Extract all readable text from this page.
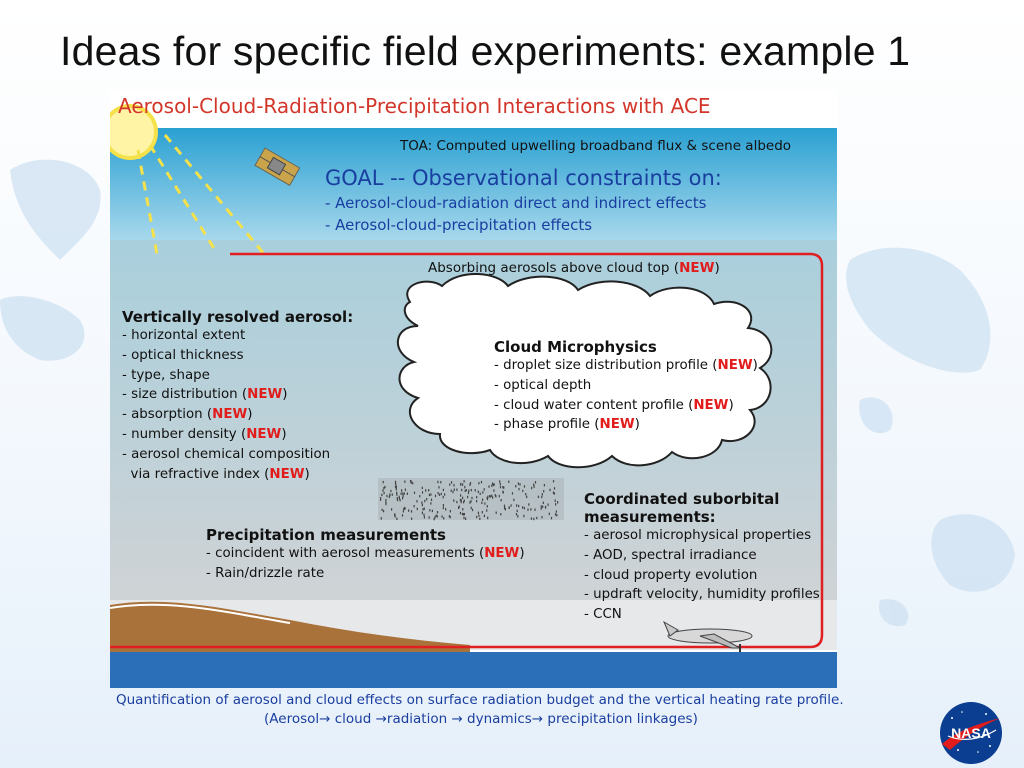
Ideas for specific field experiments: example 1
Aerosol-Cloud-Radiation-Precipitation Interactions with ACE
TOA: Computed upwelling broadband flux & scene albedo
GOAL -- Observational constraints on:
- Aerosol-cloud-radiation direct and indirect effects
- Aerosol-cloud-precipitation effects
Absorbing aerosols above cloud top (NEW)
Vertically resolved aerosol:
- horizontal extent
- optical thickness
- type, shape
- size distribution (NEW)
- absorption (NEW)
- number density (NEW)
- aerosol chemical composition
via refractive index (NEW)
Cloud Microphysics
- droplet size distribution profile (NEW)
- optical depth
- cloud water content profile (NEW)
- phase profile (NEW)
Precipitation measurements
- coincident with aerosol measurements (NEW)
- Rain/drizzle rate
Coordinated suborbital
measurements:
- aerosol microphysical properties
- AOD, spectral irradiance
- cloud property evolution
- updraft velocity, humidity profiles
- CCN
Quantification of aerosol and cloud effects on surface radiation budget and the vertical heating rate profile.
(Aerosol→ cloud →radiation → dynamics→ precipitation linkages)
NASA
